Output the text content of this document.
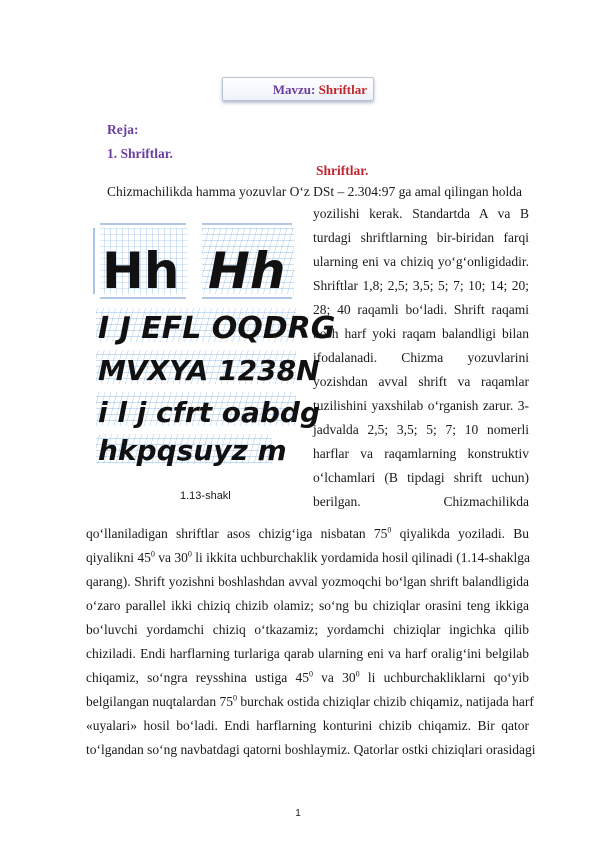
Mavzu: Shriftlar
Reja:
1. Shriftlar.
Shriftlar.
Chizmachilikda hamma yozuvlar O‘z DSt – 2.304:97 ga amal qilingan holda
yozilishi kerak. Standartda A va B
turdagi shriftlarning bir-biridan farqi
ularning eni va chiziq yo‘g‘onligidadir.
Shriftlar 1,8; 2,5; 3,5; 5; 7; 10; 14; 20;
28; 40 raqamli bo‘ladi. Shrift raqami
bosh harf yoki raqam balandligi bilan
ifodalanadi. Chizma yozuvlarini
yozishdan avval shrift va raqamlar
tuzilishini yaxshilab o‘rganish zarur. 3-
jadvalda 2,5; 3,5; 5; 7; 10 nomerli
harflar va raqamlarning konstruktiv
o‘lchamlari (B tipdagi shrift uchun)
berilgan. Chizmachilikda
qo‘llaniladigan shriftlar asos chizig‘iga nisbatan $75^0$ qiyalikda yoziladi. Bu
qiyalikni $45^0$ va $30^0$ li ikkita uchburchaklik yordamida hosil qilinadi (1.14-shaklga
qarang). Shrift yozishni boshlashdan avval yozmoqchi bo‘lgan shrift balandligida
o‘zaro parallel ikki chiziq chizib olamiz; so‘ng bu chiziqlar orasini teng ikkiga
bo‘luvchi yordamchi chiziq o‘tkazamiz; yordamchi chiziqlar ingichka qilib
chiziladi. Endi harflarning turlariga qarab ularning eni va harf oralig‘ini belgilab
chiqamiz, so‘ngra reysshina ustiga $45^0$ va $30^0$ li uchburchakliklarni qo‘yib
belgilangan nuqtalardan $75^0$ burchak ostida chiziqlar chizib chiqamiz, natijada harf
«uyalari» hosil bo‘ladi. Endi harflarning konturini chizib chiqamiz. Bir qator
to‘lgandan so‘ng navbatdagi qatorni boshlaymiz. Qatorlar ostki chiziqlari orasidagi
Hh Hh
I J EFL OQDRG
MVXYA 1238N
i l j cfrt oabdg
hkpqsuyz m
1.13-shakl
1
